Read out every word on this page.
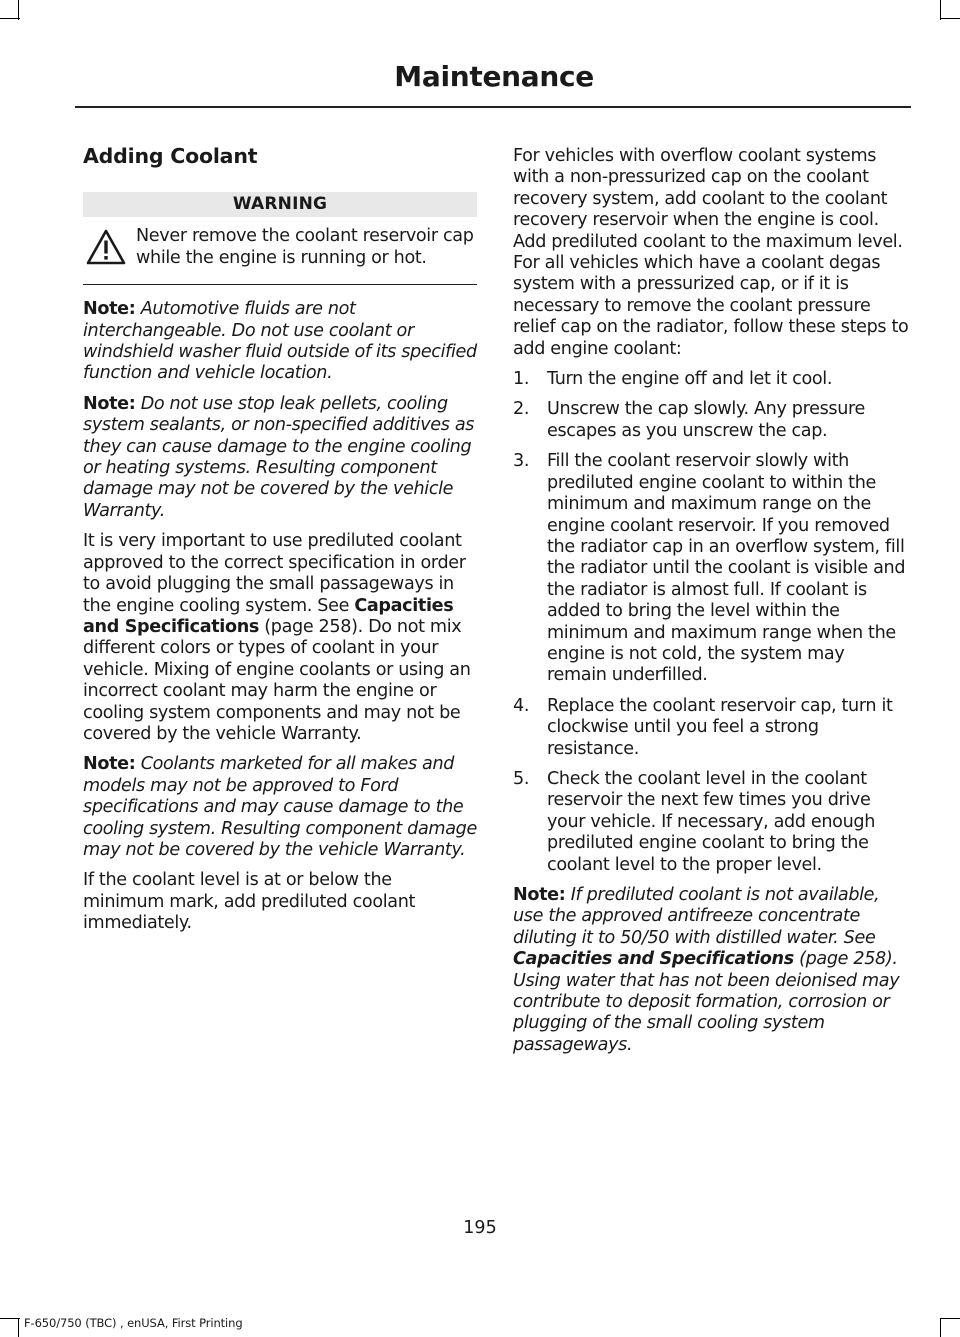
Maintenance
Adding Coolant
WARNING
Never remove the coolant reservoir cap while the engine is running or hot.

Note: Automotive fluids are not interchangeable. Do not use coolant or windshield washer fluid outside of its specified function and vehicle location.

Note: Do not use stop leak pellets, cooling system sealants, or non-specified additives as they can cause damage to the engine cooling or heating systems. Resulting component damage may not be covered by the vehicle Warranty.

It is very important to use prediluted coolant approved to the correct specification in order to avoid plugging the small passageways in the engine cooling system. See Capacities and Specifications (page 258). Do not mix different colors or types of coolant in your vehicle. Mixing of engine coolants or using an incorrect coolant may harm the engine or cooling system components and may not be covered by the vehicle Warranty.

Note: Coolants marketed for all makes and models may not be approved to Ford specifications and may cause damage to the cooling system. Resulting component damage may not be covered by the vehicle Warranty.

If the coolant level is at or below the minimum mark, add prediluted coolant immediately.

For vehicles with overflow coolant systems with a non-pressurized cap on the coolant recovery system, add coolant to the coolant recovery reservoir when the engine is cool. Add prediluted coolant to the maximum level. For all vehicles which have a coolant degas system with a pressurized cap, or if it is necessary to remove the coolant pressure relief cap on the radiator, follow these steps to add engine coolant:

1. Turn the engine off and let it cool.
2. Unscrew the cap slowly. Any pressure escapes as you unscrew the cap.
3. Fill the coolant reservoir slowly with prediluted engine coolant to within the minimum and maximum range on the engine coolant reservoir. If you removed the radiator cap in an overflow system, fill the radiator until the coolant is visible and the radiator is almost full. If coolant is added to bring the level within the minimum and maximum range when the engine is not cold, the system may remain underfilled.
4. Replace the coolant reservoir cap, turn it clockwise until you feel a strong resistance.
5. Check the coolant level in the coolant reservoir the next few times you drive your vehicle. If necessary, add enough prediluted engine coolant to bring the coolant level to the proper level.

Note: If prediluted coolant is not available, use the approved antifreeze concentrate diluting it to 50/50 with distilled water. See Capacities and Specifications (page 258). Using water that has not been deionised may contribute to deposit formation, corrosion or plugging of the small cooling system passageways.

195
F-650/750 (TBC) , enUSA, First Printing
